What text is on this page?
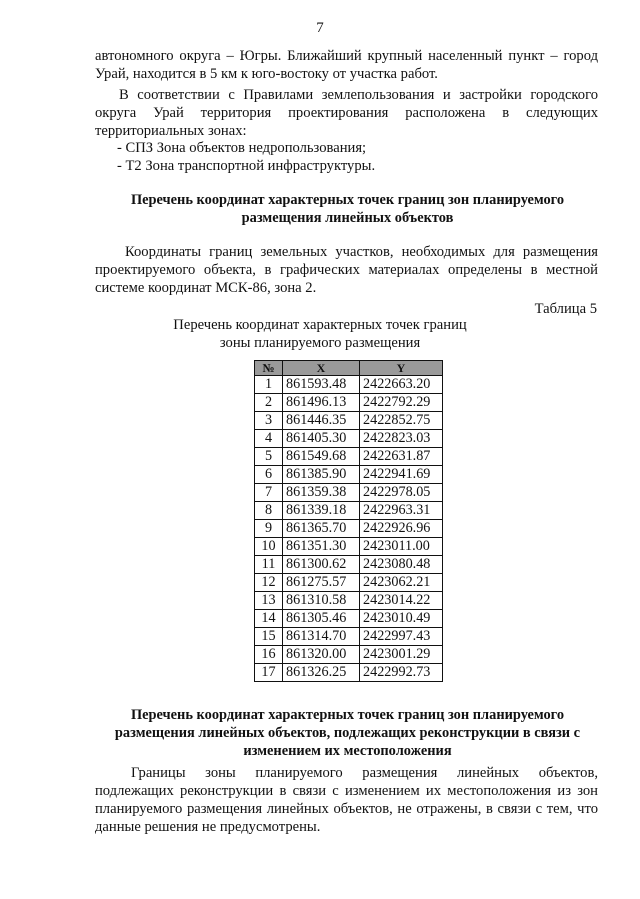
7
автономного округа – Югры. Ближайший крупный населенный пункт – город
Урай, находится в 5 км к юго-востоку от участка работ.
В соответствии с Правилами землепользования и застройки городского
округа Урай территория проектирования расположена в следующих
территориальных зонах:
- СПЗ Зона объектов недропользования;
- Т2 Зона транспортной инфраструктуры.
Перечень координат характерных точек границ зон планируемого
размещения линейных объектов
Координаты границ земельных участков, необходимых для размещения
проектируемого объекта, в графических материалах определены в местной
системе координат МСК-86, зона 2.
Таблица 5
Перечень координат характерных точек границ
зоны планируемого размещения
№	X	Y
1	861593.48	2422663.20
2	861496.13	2422792.29
3	861446.35	2422852.75
4	861405.30	2422823.03
5	861549.68	2422631.87
6	861385.90	2422941.69
7	861359.38	2422978.05
8	861339.18	2422963.31
9	861365.70	2422926.96
10	861351.30	2423011.00
11	861300.62	2423080.48
12	861275.57	2423062.21
13	861310.58	2423014.22
14	861305.46	2423010.49
15	861314.70	2422997.43
16	861320.00	2423001.29
17	861326.25	2422992.73
Перечень координат характерных точек границ зон планируемого
размещения линейных объектов, подлежащих реконструкции в связи с
изменением их местоположения
Границы зоны планируемого размещения линейных объектов,
подлежащих реконструкции в связи с изменением их местоположения из зон
планируемого размещения линейных объектов, не отражены, в связи с тем, что
данные решения не предусмотрены.
